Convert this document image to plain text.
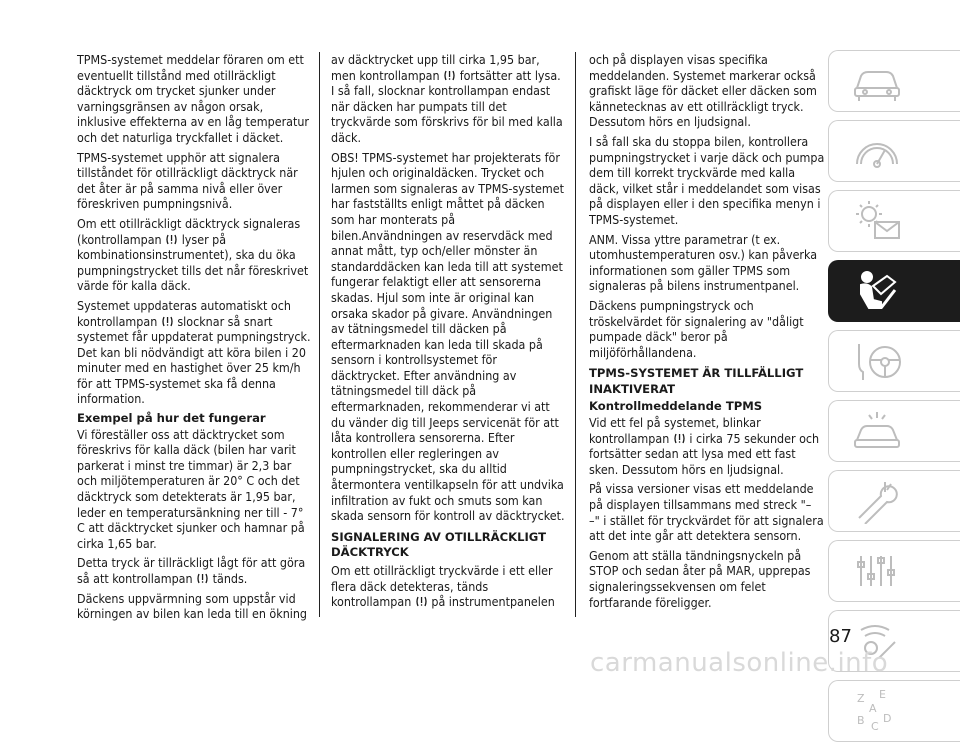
TPMS-systemet meddelar föraren om ett eventuellt tillstånd med otillräckligt däcktryck om trycket sjunker under varningsgränsen av någon orsak, inklusive effekterna av en låg temperatur och det naturliga tryckfallet i däcket.

TPMS-systemet upphör att signalera tillståndet för otillräckligt däcktryck när det åter är på samma nivå eller över föreskriven pumpningsnivå.

Om ett otillräckligt däcktryck signaleras (kontrollampan lyser på kombinationsinstrumentet), ska du öka pumpningstrycket tills det når föreskrivet värde för kalla däck.

Systemet uppdateras automatiskt och kontrollampan slocknar så snart systemet får uppdaterat pumpningstryck. Det kan bli nödvändigt att köra bilen i 20 minuter med en hastighet över 25 km/h för att TPMS-systemet ska få denna information.

Exempel på hur det fungerar

Vi föreställer oss att däcktrycket som föreskrivs för kalla däck (bilen har varit parkerat i minst tre timmar) är 2,3 bar och miljötemperaturen är 20° C och det däcktryck som detekterats är 1,95 bar, leder en temperatursänkning ner till - 7° C att däcktrycket sjunker och hamnar på cirka 1,65 bar.

Detta tryck är tillräckligt lågt för att göra så att kontrollampan tänds.

Däckens uppvärmning som uppstår vid körningen av bilen kan leda till en ökning

av däcktrycket upp till cirka 1,95 bar, men kontrollampan fortsätter att lysa. I så fall, slocknar kontrollampan endast när däcken har pumpats till det tryckvärde som förskrivs för bil med kalla däck.

OBS! TPMS-systemet har projekterats för hjulen och originaldäcken. Trycket och larmen som signaleras av TPMS-systemet har fastställts enligt måttet på däcken som har monterats på bilen.Användningen av reservdäck med annat mått, typ och/eller mönster än standarddäcken kan leda till att systemet fungerar felaktigt eller att sensorerna skadas. Hjul som inte är original kan orsaka skador på givare. Användningen av tätningsmedel till däcken på eftermarknaden kan leda till skada på sensorn i kontrollsystemet för däcktrycket. Efter användning av tätningsmedel till däck på eftermarknaden, rekommenderar vi att du vänder dig till Jeeps servicenät för att låta kontrollera sensorerna. Efter kontrollen eller regleringen av pumpningstrycket, ska du alltid återmontera ventilkapseln för att undvika infiltration av fukt och smuts som kan skada sensorn för kontroll av däcktrycket.

SIGNALERING AV OTILLRÄCKLIGT DÄCKTRYCK

Om ett otillräckligt tryckvärde i ett eller flera däck detekteras, tänds kontrollampan på instrumentpanelen

och på displayen visas specifika meddelanden. Systemet markerar också grafiskt läge för däcket eller däcken som kännetecknas av ett otillräckligt tryck. Dessutom hörs en ljudsignal.

I så fall ska du stoppa bilen, kontrollera pumpningstrycket i varje däck och pumpa dem till korrekt tryckvärde med kalla däck, vilket står i meddelandet som visas på displayen eller i den specifika menyn i TPMS-systemet.

ANM. Vissa yttre parametrar (t ex. utomhustemperaturen osv.) kan påverka informationen som gäller TPMS som signaleras på bilens instrumentpanel.

Däckens pumpningstryck och tröskelvärdet för signalering av "dåligt pumpade däck" beror på miljöförhållandena.

TPMS-SYSTEMET ÄR TILLFÄLLIGT INAKTIVERAT

Kontrollmeddelande TPMS

Vid ett fel på systemet, blinkar kontrollampan i cirka 75 sekunder och fortsätter sedan att lysa med ett fast sken. Dessutom hörs en ljudsignal.

På vissa versioner visas ett meddelande på displayen tillsammans med streck "– –" i stället för tryckvärdet för att signalera att det inte går att detektera sensorn.

Genom att ställa tändningsnyckeln på STOP och sedan åter på MAR, upprepas signaleringssekvensen om felet fortfarande föreligger.

Z E
A
B C
D
87
carmanualsonline.info
